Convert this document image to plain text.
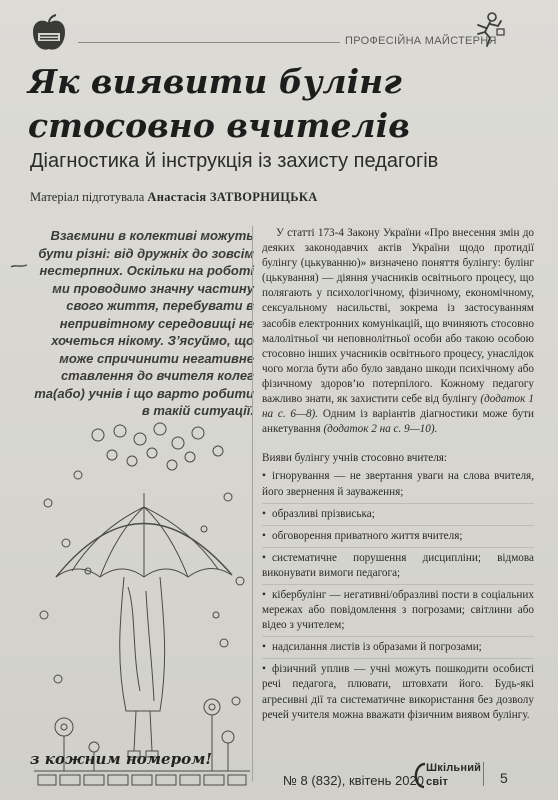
ПРОФЕСІЙНА МАЙСТЕРНЯ
Як виявити булінг стосовно вчителів
Діагностика й інструкція із захисту педагогів
Матеріал підготувала Анастасія ЗАТВОРНИЦЬКА
Взаємини в колективі можуть бути різні: від дружніх до зовсім нестерпних. Оскільки на роботі ми проводимо значну частину свого життя, перебувати в непривітному середовищі не хочеться нікому. З’ясуймо, що може спричинити негативне ставлення до вчителя колег та(або) учнів і що варто робити в такій ситуації.
з кожним номером!

У статті 173-4 Закону України «Про внесення змін до деяких законодавчих актів України щодо протидії булінгу (цькуванню)» визначено поняття булінгу: булінг (цькування) — діяння учасників освітнього процесу, що полягають у психологічному, фізичному, економічному, сексуальному насильстві, зокрема із застосуванням засобів електронних комунікацій, що вчиняють стосовно малолітньої чи неповнолітньої особи або такою особою стосовно інших учасників освітнього процесу, унаслідок чого могла бути або було завдано шкоди психічному або фізичному здоров’ю потерпілого. Кожному педагогу важливо знати, як захистити себе від булінгу (додаток 1 на с. 6—8). Одним із варіантів діагностики може бути анкетування (додаток 2 на с. 9—10).

Вияви булінгу учнів стосовно вчителя:

• ігнорування — не звертання уваги на слова вчителя, його звернення й зауваження;
• образливі прізвиська;
• обговорення приватного життя вчителя;
• систематичне порушення дисципліни; відмова виконувати вимоги педагога;
• кібербулінг — негативні/образливі пости в соціальних мережах або повідомлення з погрозами; світлини або відео з учителем;
• надсилання листів із образами й погрозами;
• фізичний уплив — учні можуть пошкодити особисті речі педагога, плювати, штовхати його. Будь-які агресивні дії та систематичне використання без дозволу речей учителя можна вважати фізичним виявом булінгу.
№ 8 (832), квітень 2020
Шкільний
світ	5
